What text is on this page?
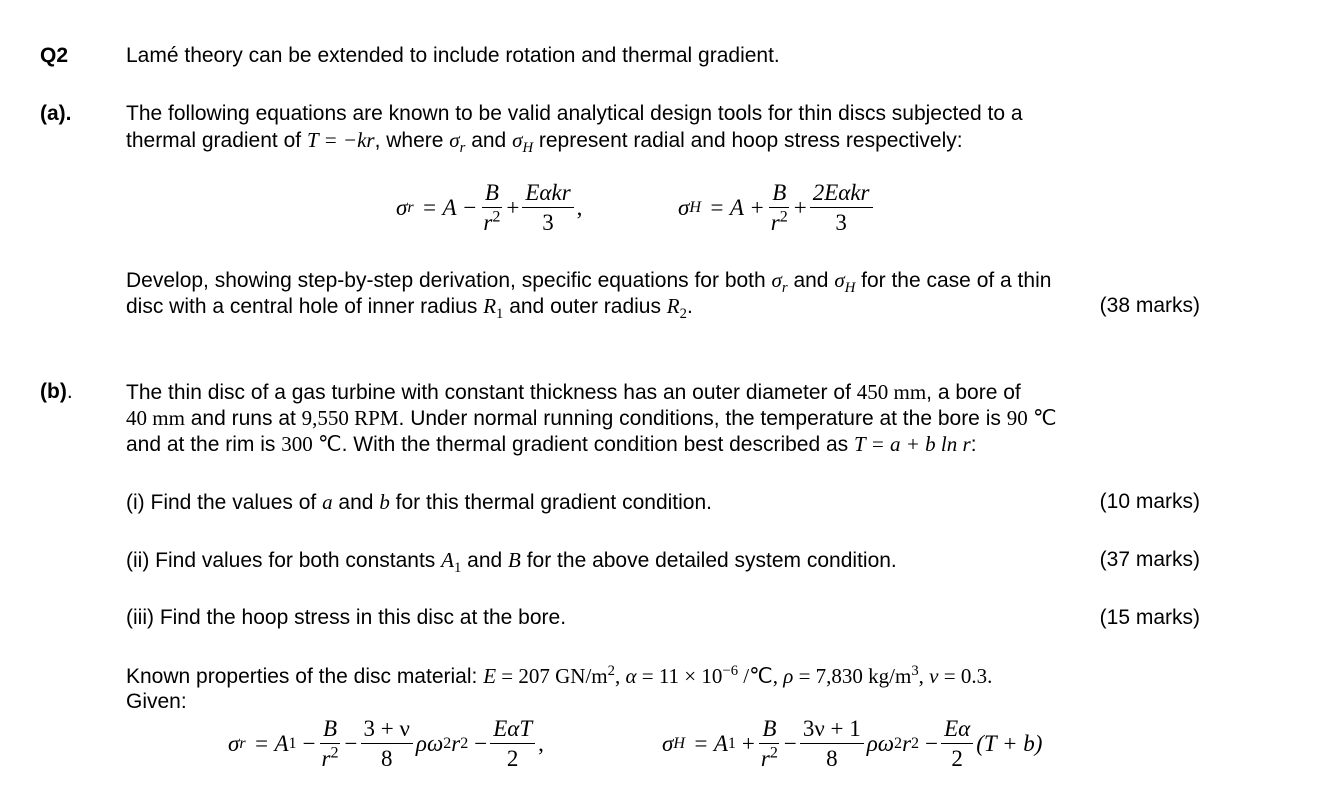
Q2	Lamé theory can be extended to include rotation and thermal gradient.
(a).	The following equations are known to be valid analytical design tools for thin discs subjected to a
thermal gradient of T = −kr, where $\sigma_r$ and $\sigma_H$ represent radial and hoop stress respectively:
σ $r = A - \frac{B}{r^2} + \frac{\text{Eαkr}}{3}$ ,	σ $H = A + \frac{B}{r^2} + \frac{\text{2Eαkr}}{3}$
Develop, showing step-by-step derivation, specific equations for both $\sigma_r$ and $\sigma_H$ for the case of a thin
disc with a central hole of inner radius $R_1$ and outer radius $R_2$.	(38 marks)
(b).	The thin disc of a gas turbine with constant thickness has an outer diameter of 450 mm, a bore of
40 mm and runs at 9,550 RPM. Under normal running conditions, the temperature at the bore is 90 ℃
and at the rim is 300 ℃. With the thermal gradient condition best described as T = a + b ln r:
(i) Find the values of a and b for this thermal gradient condition.	(10 marks)
(ii) Find values for both constants $A_1$ and B for the above detailed system condition.	(37 marks)
(iii) Find the hoop stress in this disc at the bore.	(15 marks)
Known properties of the disc material: E = 207 $GN/m^2$, $\alpha = 11 \times 10^{-6}$ /℃, ρ = 7,830 $kg/m^3$, ν = 0.3.
Given:
σ r = A $1 - \frac{B}{r^2} - \frac{3 + \nu}{8}$ ρω 2 r $2 - \frac{\text{EαT}}{2}$ ,	σ H = A $1 + \frac{B}{r^2} - \frac{3\nu + 1}{8}$ ρω 2 r $2 - \frac{E\alpha}{2} (T + b)$
